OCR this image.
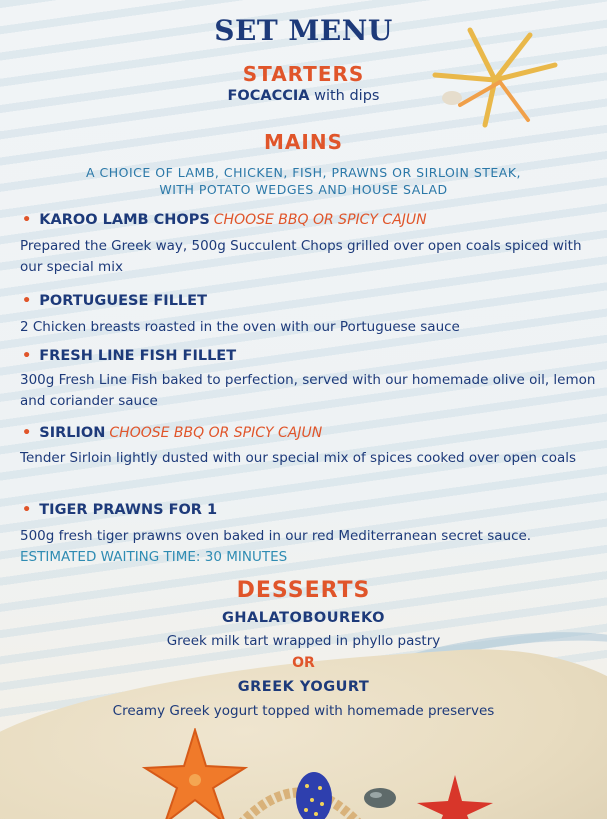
SET MENU
STARTERS
FOCACCIA with dips
MAINS
A CHOICE OF LAMB, CHICKEN, FISH, PRAWNS OR SIRLOIN STEAK,
WITH POTATO WEDGES AND HOUSE SALAD

• KAROO LAMB CHOPS CHOOSE BBQ OR SPICY CAJUN

Prepared the Greek way, 500g Succulent Chops grilled over open coals spiced with our special mix

• PORTUGUESE FILLET

2 Chicken breasts roasted in the oven with our Portuguese sauce

• FRESH LINE FISH FILLET

300g Fresh Line Fish baked to perfection, served with our homemade olive oil, lemon and coriander sauce

• SIRLION CHOOSE BBQ OR SPICY CAJUN

Tender Sirloin lightly dusted with our special mix of spices cooked over open coals

• TIGER PRAWNS FOR 1

500g fresh tiger prawns oven baked in our red Mediterranean secret sauce. ESTIMATED WAITING TIME: 30 MINUTES

DESSERTS
GHALATOBOUREKO
Greek milk tart wrapped in phyllo pastry
OR
GREEK YOGURT
Creamy Greek yogurt topped with homemade preserves
